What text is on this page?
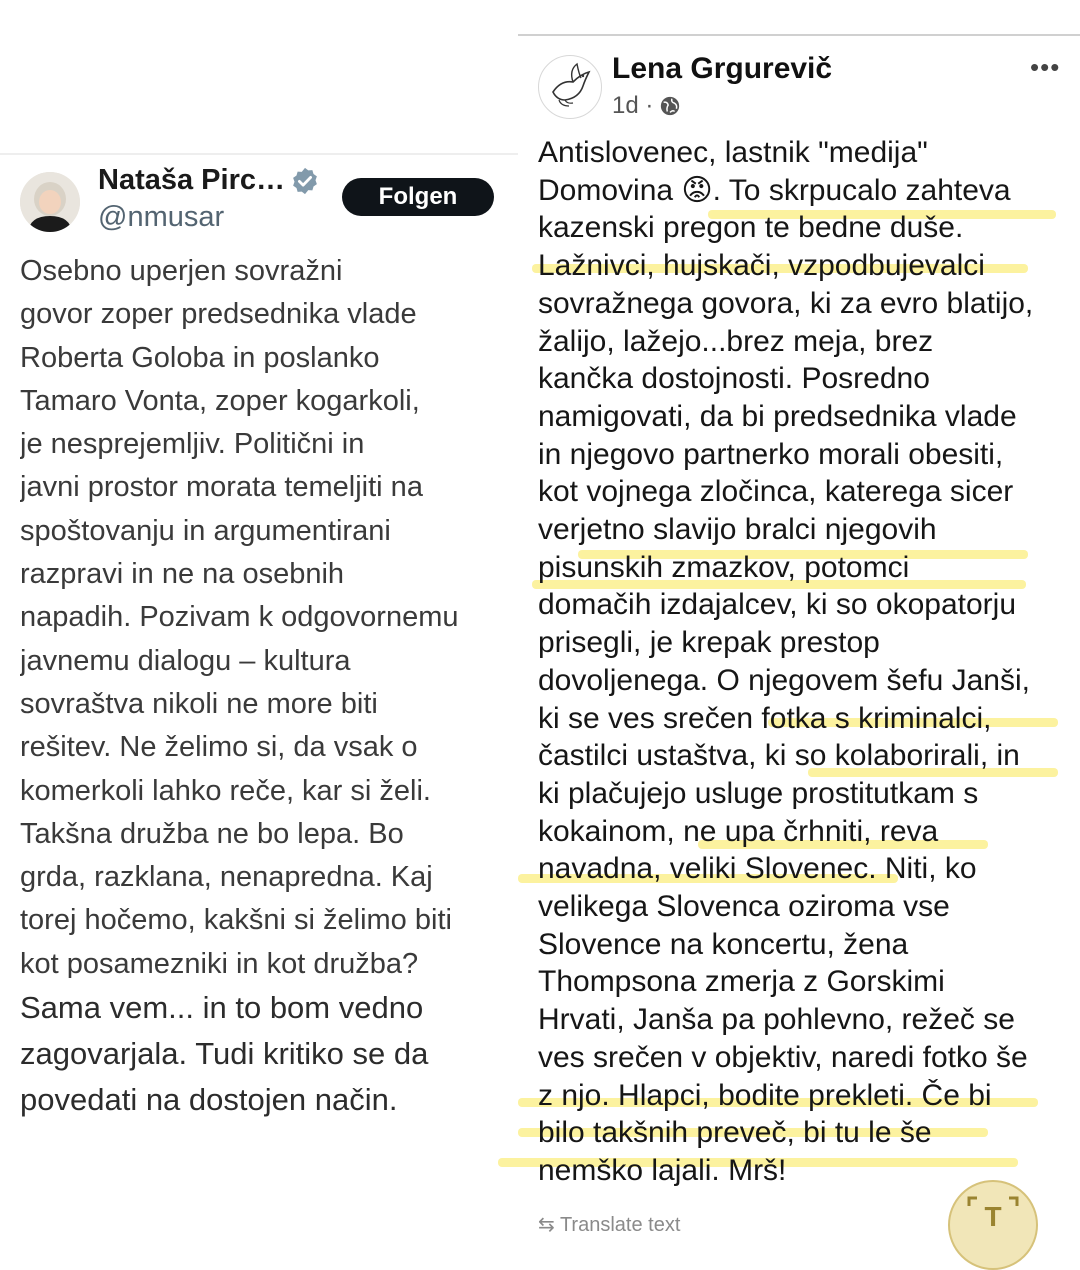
Nataša Pirc…
@nmusar
Folgen
Osebno uperjen sovražni
govor zoper predsednika vlade
Roberta Goloba in poslanko
Tamaro Vonta, zoper kogarkoli,
je nesprejemljiv. Politični in
javni prostor morata temeljiti na
spoštovanju in argumentirani
razpravi in ne na osebnih
napadih. Pozivam k odgovornemu
javnemu dialogu – kultura
sovraštva nikoli ne more biti
rešitev. Ne želimo si, da vsak o
komerkoli lahko reče, kar si želi.
Takšna družba ne bo lepa. Bo
grda, razklana, nenapredna. Kaj
torej hočemo, kakšni si želimo biti
kot posamezniki in kot družba?
Sama vem... in to bom vedno
zagovarjala. Tudi kritiko se da
povedati na dostojen način.
Lena Grgurevič
1d ·
•••
Antislovenec, lastnik "medija"
Domovina 😡. To skrpucalo zahteva
kazenski pregon te bedne duše.
Lažnivci, hujskači, vzpodbujevalci
sovražnega govora, ki za evro blatijo,
žalijo, lažejo...brez meja, brez
kančka dostojnosti. Posredno
namigovati, da bi predsednika vlade
in njegovo partnerko morali obesiti,
kot vojnega zločinca, katerega sicer
verjetno slavijo bralci njegovih
pisunskih zmazkov, potomci
domačih izdajalcev, ki so okopatorju
prisegli, je krepak prestop
dovoljenega. O njegovem šefu Janši,
ki se ves srečen fotka s kriminalci,
častilci ustaštva, ki so kolaborirali, in
ki plačujejo usluge prostitutkam s
kokainom, ne upa črhniti, reva
navadna, veliki Slovenec. Niti, ko
velikega Slovenca oziroma vse
Slovence na koncertu, žena
Thompsona zmerja z Gorskimi
Hrvati, Janša pa pohlevno, režeč se
ves srečen v objektiv, naredi fotko še
z njo. Hlapci, bodite prekleti. Če bi
bilo takšnih preveč, bi tu le še
nemško lajali. Mrš!
⇆ Translate text	T
